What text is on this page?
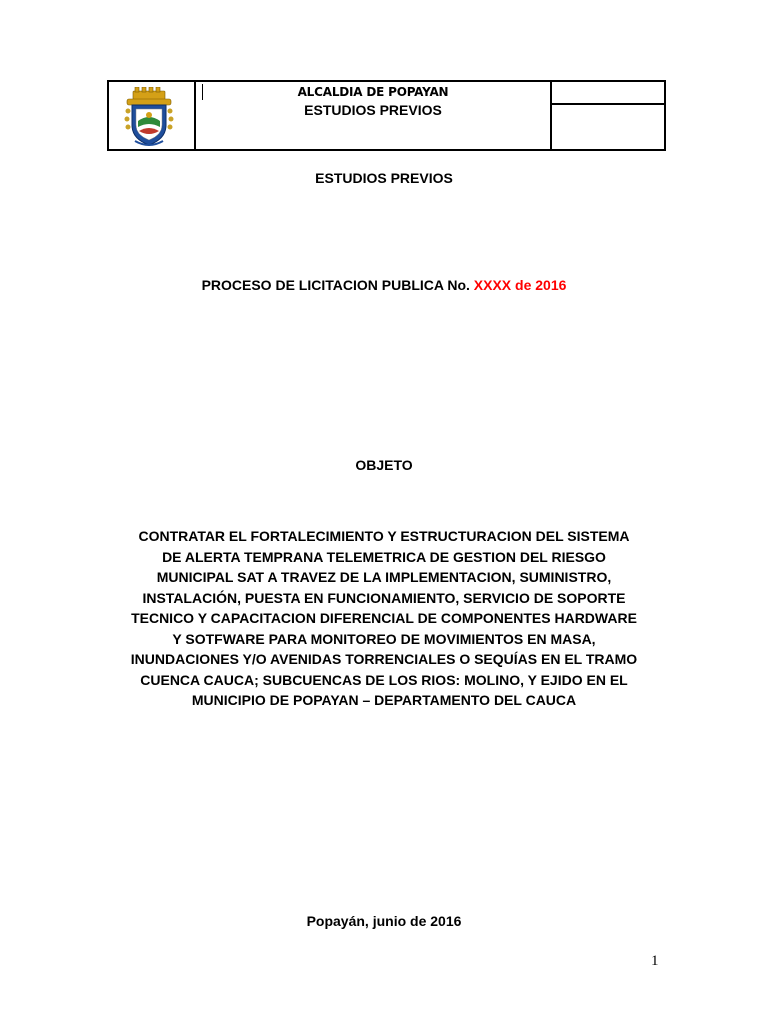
ALCALDIA DE POPAYAN
ESTUDIOS PREVIOS

ESTUDIOS PREVIOS
PROCESO DE LICITACION PUBLICA No. XXXX de 2016
OBJETO
CONTRATAR EL FORTALECIMIENTO Y ESTRUCTURACION DEL SISTEMA
DE ALERTA TEMPRANA TELEMETRICA DE GESTION DEL RIESGO
MUNICIPAL SAT A TRAVEZ DE LA IMPLEMENTACION, SUMINISTRO,
INSTALACIÓN, PUESTA EN FUNCIONAMIENTO, SERVICIO DE SOPORTE
TECNICO Y CAPACITACION DIFERENCIAL DE COMPONENTES HARDWARE
Y SOTFWARE PARA MONITOREO DE MOVIMIENTOS EN MASA,
INUNDACIONES Y/O AVENIDAS TORRENCIALES O SEQUÍAS EN EL TRAMO
CUENCA CAUCA; SUBCUENCAS DE LOS RIOS: MOLINO, Y EJIDO EN EL
MUNICIPIO DE POPAYAN – DEPARTAMENTO DEL CAUCA
Popayán, junio de 2016
1
